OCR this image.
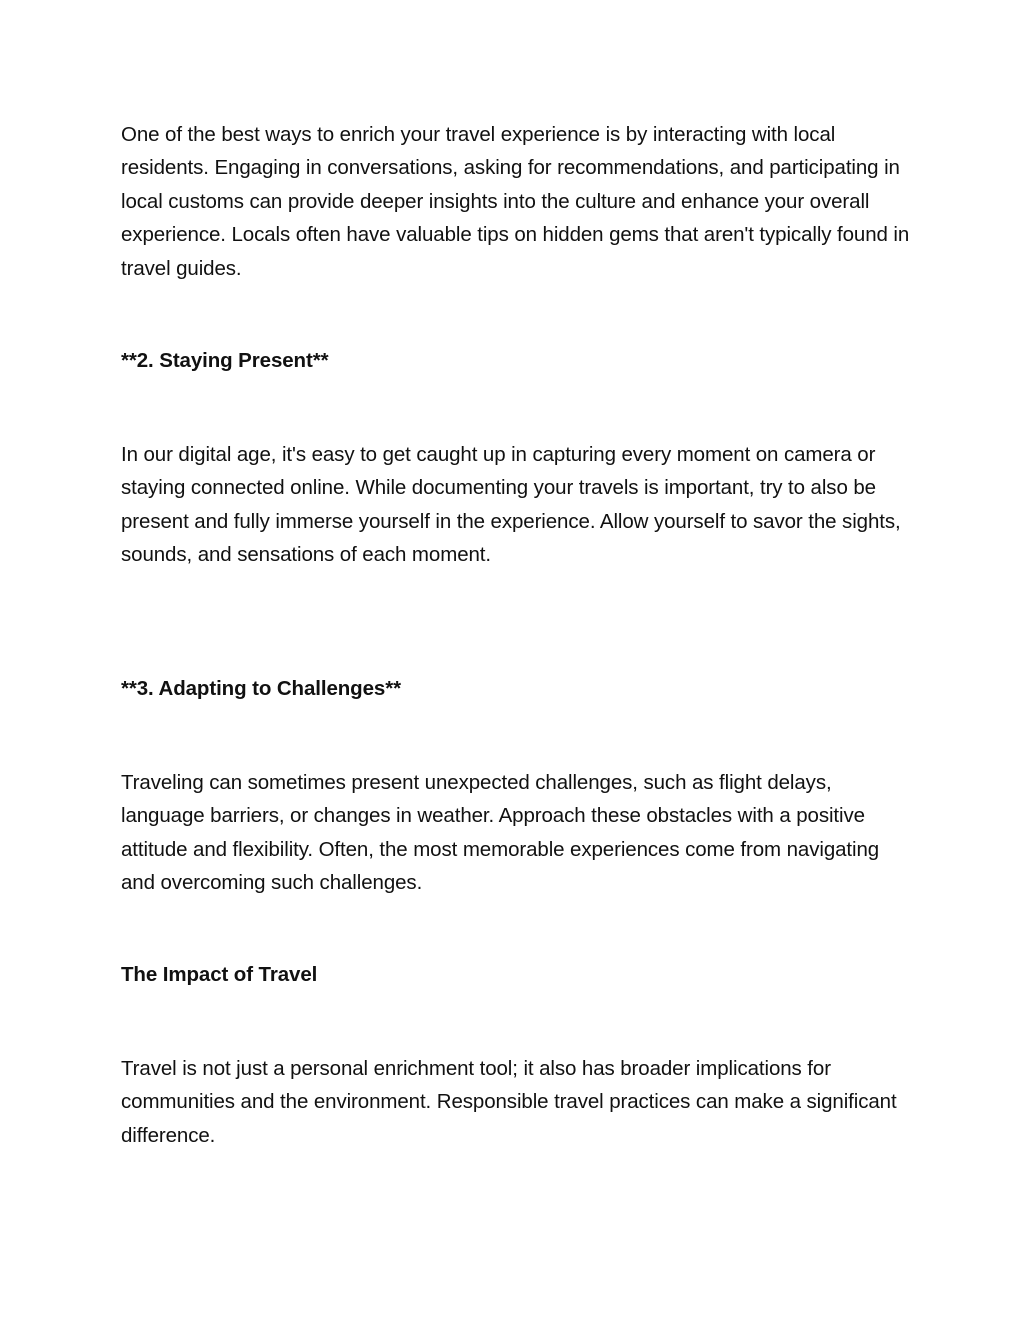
One of the best ways to enrich your travel experience is by interacting with local residents. Engaging in conversations, asking for recommendations, and participating in local customs can provide deeper insights into the culture and enhance your overall experience. Locals often have valuable tips on hidden gems that aren't typically found in travel guides.

**2. Staying Present**

In our digital age, it's easy to get caught up in capturing every moment on camera or staying connected online. While documenting your travels is important, try to also be present and fully immerse yourself in the experience. Allow yourself to savor the sights, sounds, and sensations of each moment.

**3. Adapting to Challenges**

Traveling can sometimes present unexpected challenges, such as flight delays, language barriers, or changes in weather. Approach these obstacles with a positive attitude and flexibility. Often, the most memorable experiences come from navigating and overcoming such challenges.

The Impact of Travel

Travel is not just a personal enrichment tool; it also has broader implications for communities and the environment. Responsible travel practices can make a significant difference.
